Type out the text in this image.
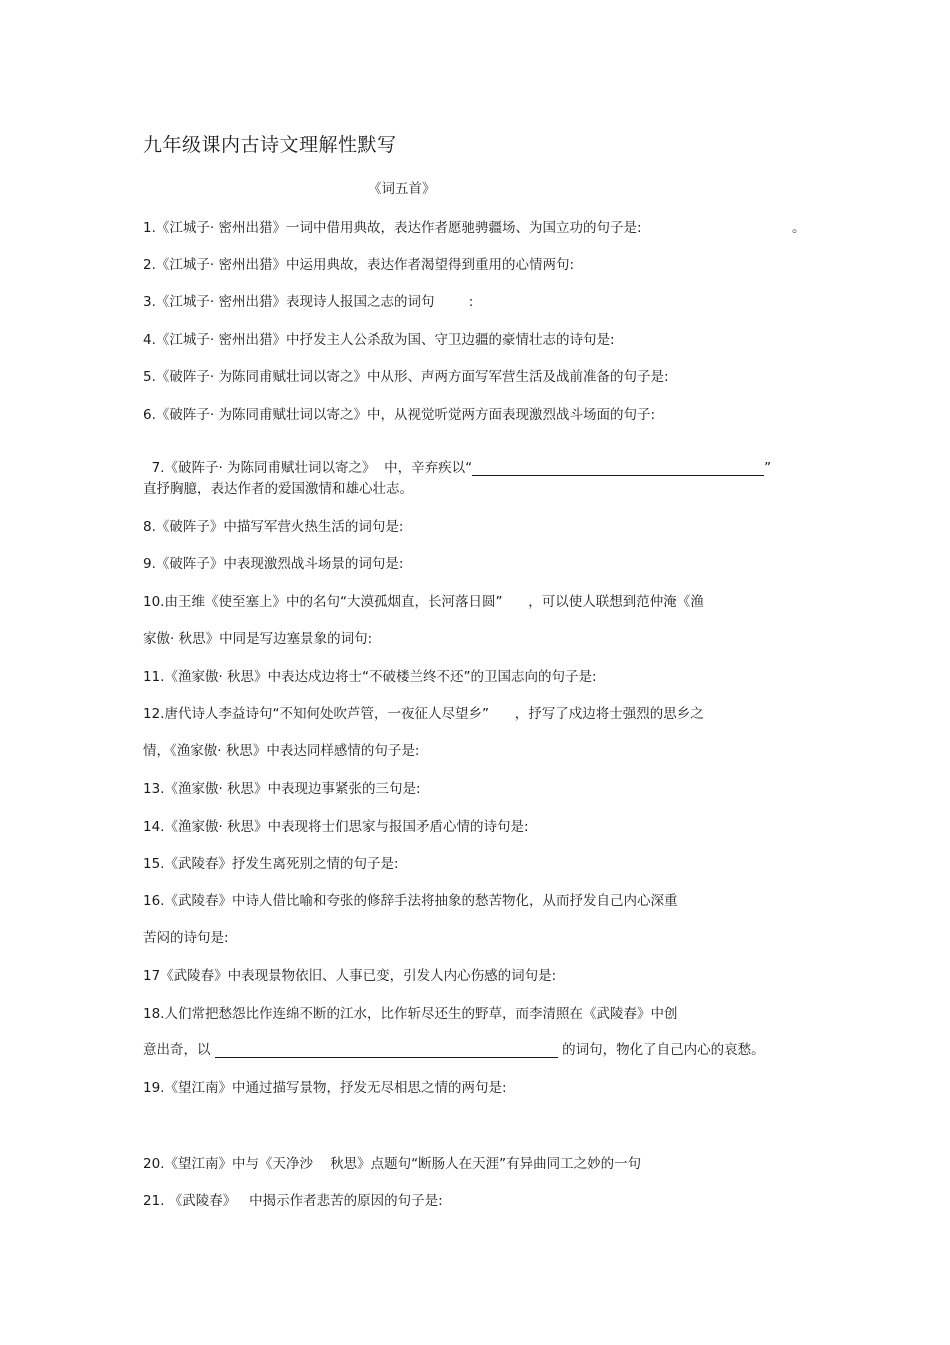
九年级课内古诗文理解性默写
《词五首》
1.《江城子· 密州出猎》一词中借用典故，表达作者愿驰骋疆场、为国立功的句子是:	。
2.《江城子· 密州出猎》中运用典故，表达作者渴望得到重用的心情两句:
3.《江城子· 密州出猎》表现诗人报国之志的词句        :
4.《江城子· 密州出猎》中抒发主人公杀敌为国、守卫边疆的豪情壮志的诗句是:
5.《破阵子· 为陈同甫赋壮词以寄之》中从形、声两方面写军营生活及战前准备的句子是:
6.《破阵子· 为陈同甫赋壮词以寄之》中，从视觉听觉两方面表现激烈战斗场面的句子:

7.《破阵子· 为陈同甫赋壮词以寄之》  中，辛弃疾以“	”

直抒胸臆，表达作者的爱国激情和雄心壮志。
8.《破阵子》中描写军营火热生活的词句是:
9.《破阵子》中表现激烈战斗场景的词句是:
10.由王维《使至塞上》中的名句“大漠孤烟直，长河落日圆”      ，可以使人联想到范仲淹《渔
家傲· 秋思》中同是写边塞景象的词句:
11.《渔家傲· 秋思》中表达戍边将士“不破楼兰终不还”的卫国志向的句子是:
12.唐代诗人李益诗句“不知何处吹芦管，一夜征人尽望乡”      ，抒写了戍边将士强烈的思乡之
情，《渔家傲· 秋思》中表达同样感情的句子是:
13.《渔家傲· 秋思》中表现边事紧张的三句是:
14.《渔家傲· 秋思》中表现将士们思家与报国矛盾心情的诗句是:
15.《武陵春》抒发生离死别之情的句子是:
16.《武陵春》中诗人借比喻和夸张的修辞手法将抽象的愁苦物化，从而抒发自己内心深重
苦闷的诗句是:
17《武陵春》中表现景物依旧、人事已变，引发人内心伤感的词句是:
18.人们常把愁怨比作连绵不断的江水，比作斩尽还生的野草，而李清照在《武陵春》中创
意出奇，以	的词句，物化了自己内心的哀愁。
19.《望江南》中通过描写景物，抒发无尽相思之情的两句是:
20.《望江南》中与《天净沙    秋思》点题句“断肠人在天涯”有异曲同工之妙的一句
21. 《武陵春》   中揭示作者悲苦的原因的句子是:
